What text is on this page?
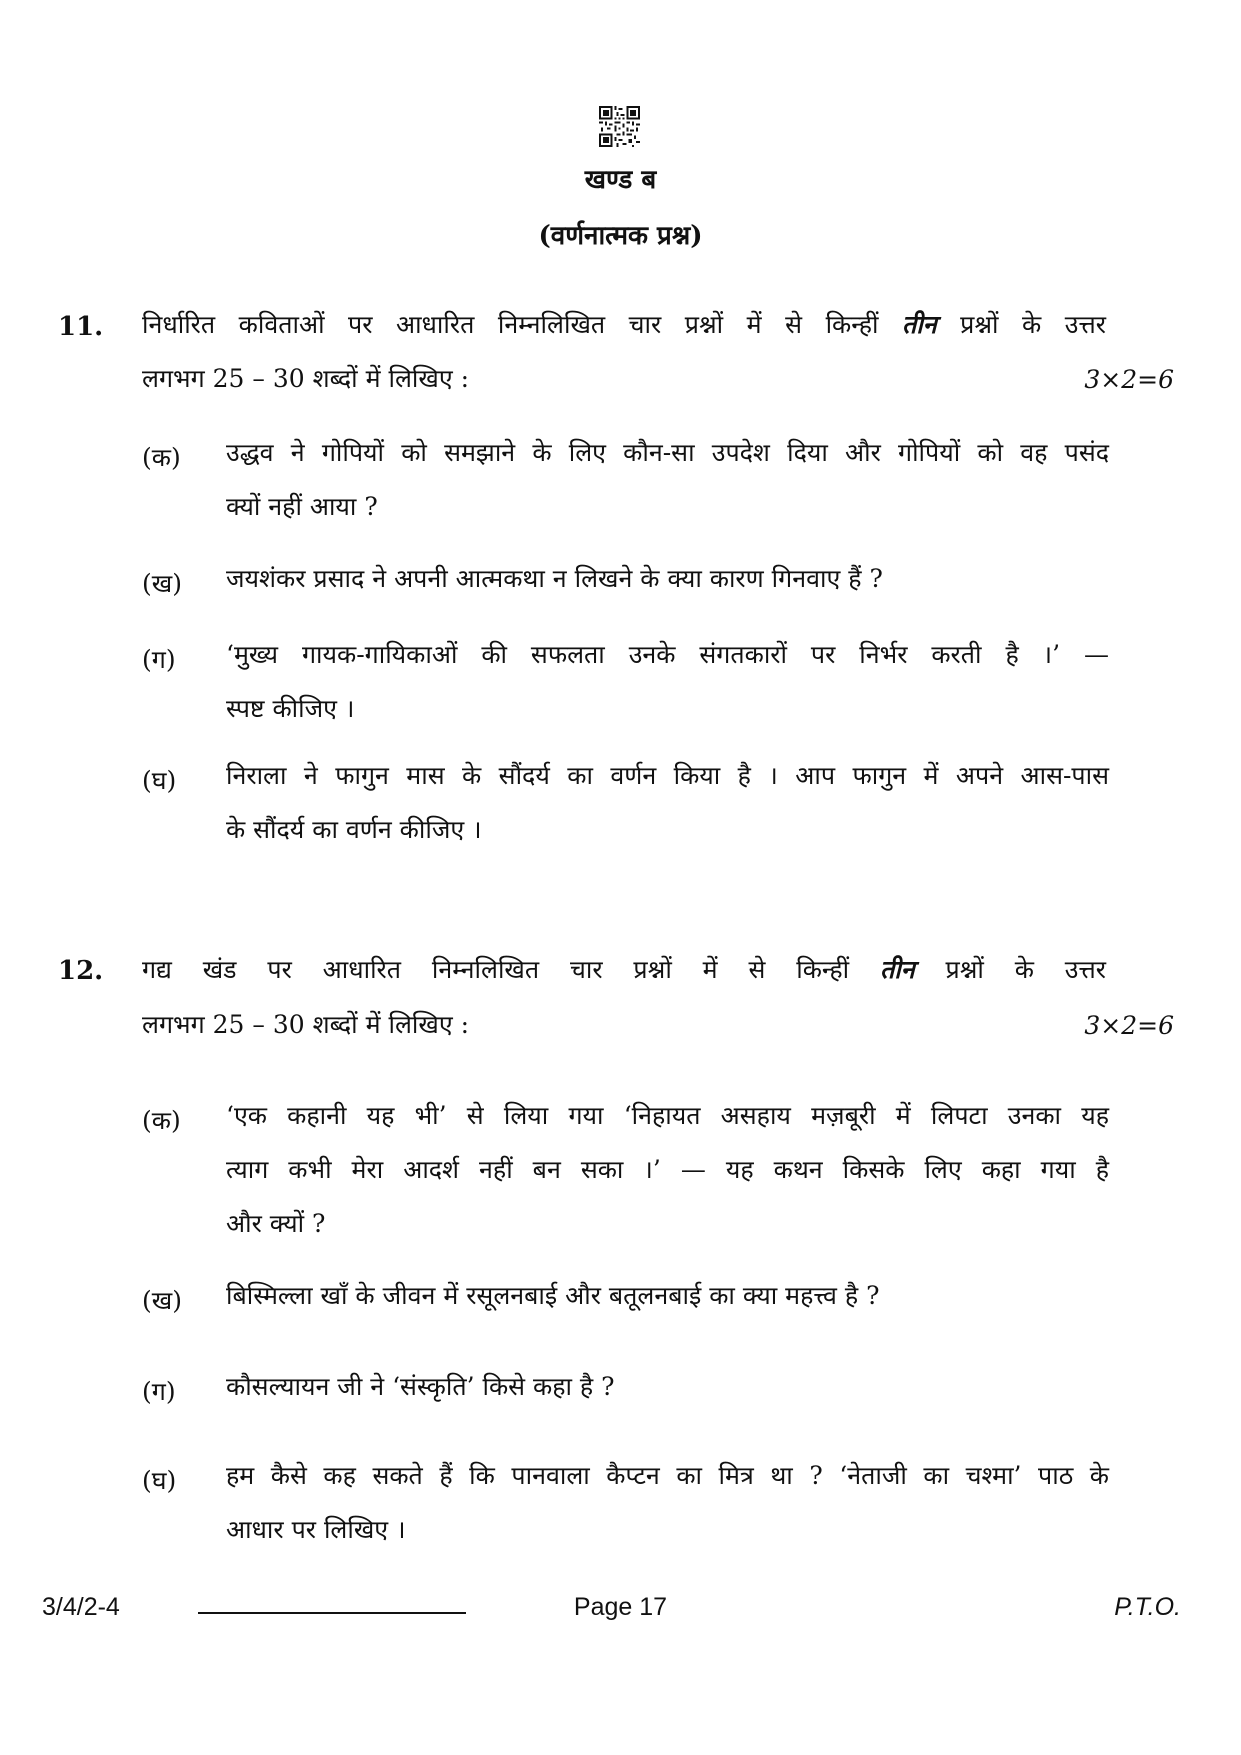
खण्ड ब
(वर्णनात्मक प्रश्न)
11. निर्धारित कविताओं पर आधारित निम्नलिखित चार प्रश्नों में से किन्हीं तीन प्रश्नों के उत्तर
लगभग 25 – 30 शब्दों में लिखिए :	3×2=6
(क) उद्धव ने गोपियों को समझाने के लिए कौन-सा उपदेश दिया और गोपियों को वह पसंद
क्यों नहीं आया ?
(ख) जयशंकर प्रसाद ने अपनी आत्मकथा न लिखने के क्या कारण गिनवाए हैं ?
(ग) ‘मुख्य गायक-गायिकाओं की सफलता उनके संगतकारों पर निर्भर करती है ।’ —
स्पष्ट कीजिए ।
(घ) निराला ने फागुन मास के सौंदर्य का वर्णन किया है । आप फागुन में अपने आस-पास
के सौंदर्य का वर्णन कीजिए ।
12. गद्य खंड पर आधारित निम्नलिखित चार प्रश्नों में से किन्हीं तीन प्रश्नों के उत्तर
लगभग 25 – 30 शब्दों में लिखिए :	3×2=6
(क) ‘एक कहानी यह भी’ से लिया गया ‘निहायत असहाय मज़बूरी में लिपटा उनका यह
त्याग कभी मेरा आदर्श नहीं बन सका ।’ — यह कथन किसके लिए कहा गया है
और क्यों ?
(ख) बिस्मिल्ला खाँ के जीवन में रसूलनबाई और बतूलनबाई का क्या महत्त्व है ?
(ग) कौसल्यायन जी ने ‘संस्कृति’ किसे कहा है ?
(घ) हम कैसे कह सकते हैं कि पानवाला कैप्टन का मित्र था ? ‘नेताजी का चश्मा’ पाठ के
आधार पर लिखिए ।
3/4/2-4	Page 17	P.T.O.
